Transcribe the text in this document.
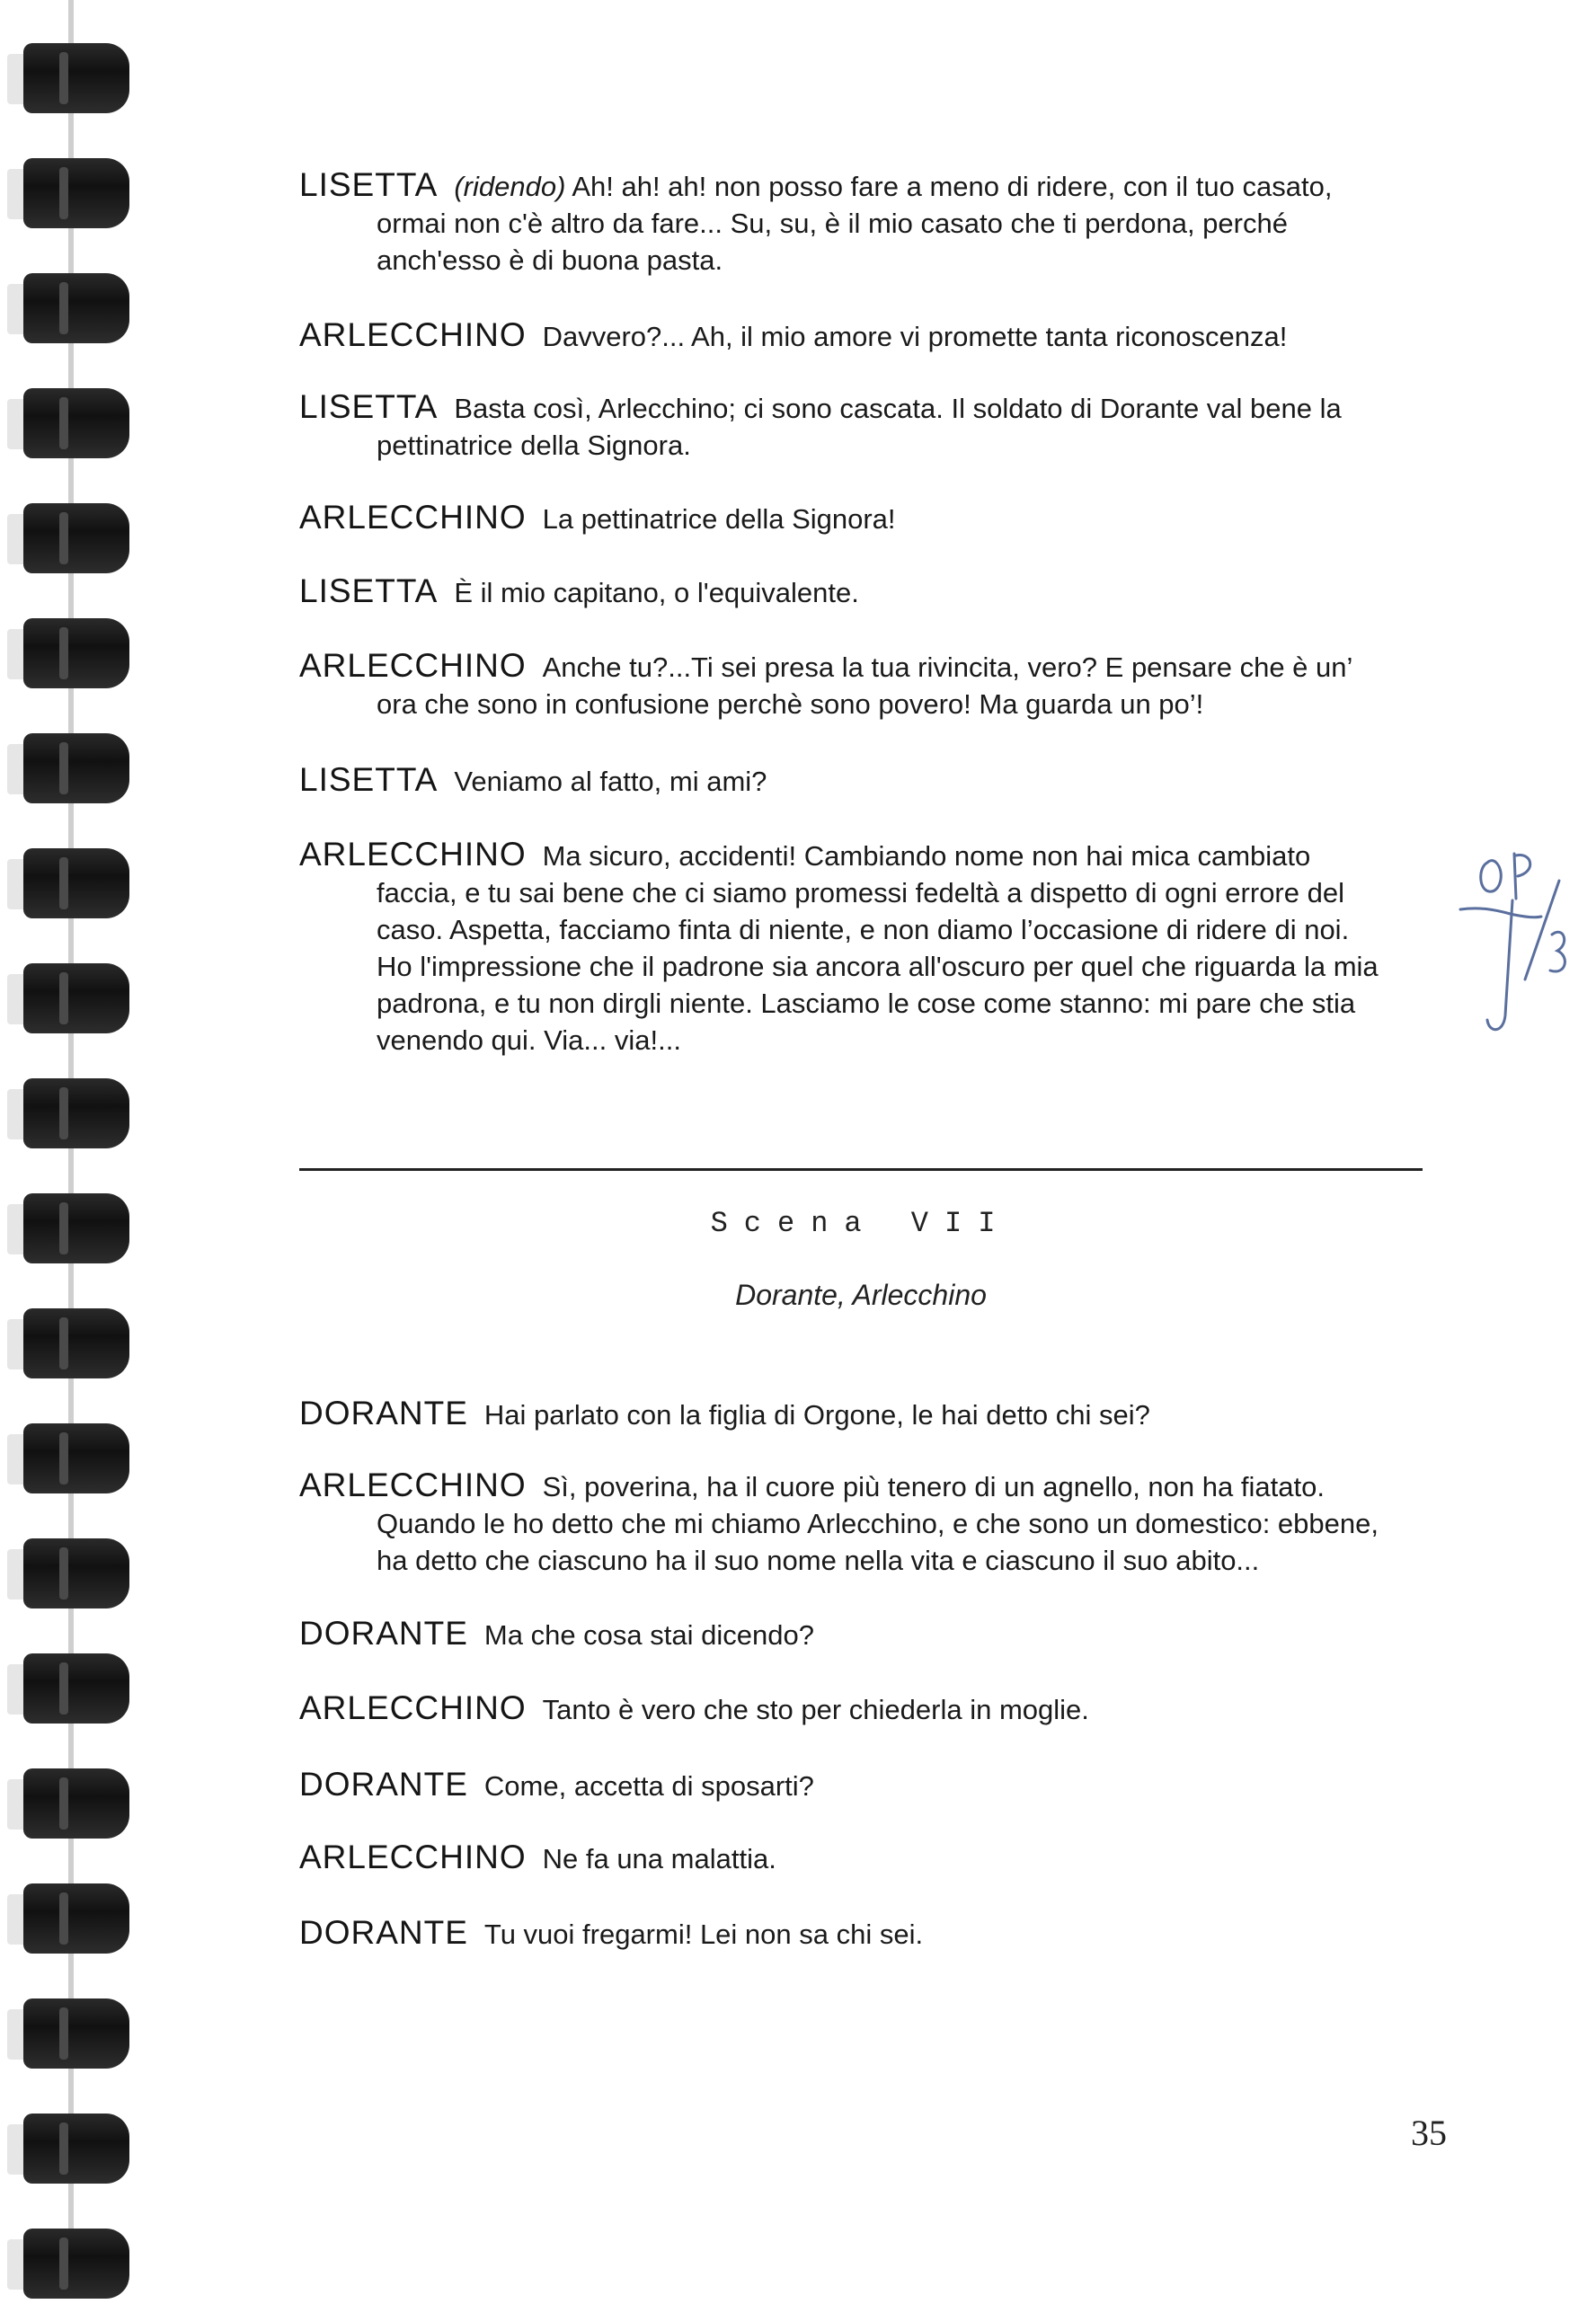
LISETTA (ridendo) Ah! ah! ah! non posso fare a meno di ridere, con il tuo casato,
ormai non c'è altro da fare... Su, su, è il mio casato che ti perdona, perché
anch'esso è di buona pasta.
ARLECCHINO Davvero?... Ah, il mio amore vi promette tanta riconoscenza!
LISETTA Basta così, Arlecchino; ci sono cascata. Il soldato di Dorante val bene la
pettinatrice della Signora.
ARLECCHINO La pettinatrice della Signora!
LISETTA È il mio capitano, o l'equivalente.
ARLECCHINO Anche tu?...Ti sei presa la tua rivincita, vero? E pensare che è un’
ora che sono in confusione perchè sono povero! Ma guarda un po’!
LISETTA Veniamo al fatto, mi ami?
ARLECCHINO Ma sicuro, accidenti! Cambiando nome non hai mica cambiato
faccia, e tu sai bene che ci siamo promessi fedeltà a dispetto di ogni errore del
caso. Aspetta, facciamo finta di niente, e non diamo l’occasione di ridere di noi.
Ho l'impressione che il padrone sia ancora all'oscuro per quel che riguarda la mia
padrona, e tu non dirgli niente. Lasciamo le cose come stanno: mi pare che stia
venendo qui. Via... via!...
DORANTE Hai parlato con la figlia di Orgone, le hai detto chi sei?
ARLECCHINO Sì, poverina, ha il cuore più tenero di un agnello, non ha fiatato.
Quando le ho detto che mi chiamo Arlecchino, e che sono un domestico: ebbene,
ha detto che ciascuno ha il suo nome nella vita e ciascuno il suo abito...
DORANTE Ma che cosa stai dicendo?
ARLECCHINO Tanto è vero che sto per chiederla in moglie.
DORANTE Come, accetta di sposarti?
ARLECCHINO Ne fa una malattia.
DORANTE Tu vuoi fregarmi! Lei non sa chi sei.
Scena VII
Dorante, Arlecchino
35
